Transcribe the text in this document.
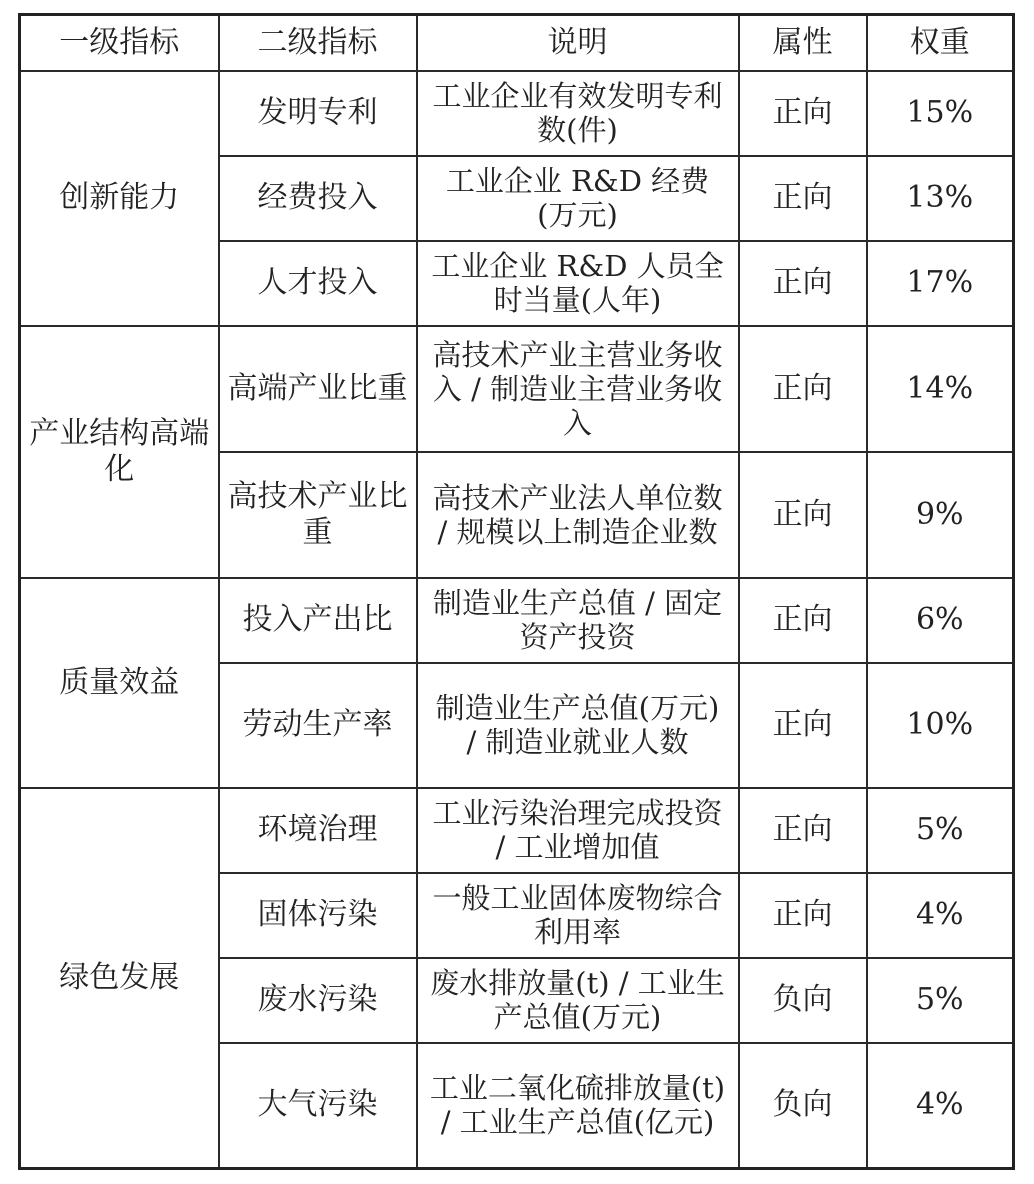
一级指标	二级指标	说明	属性	权重
创新能力	发明专利	工业企业有效发明专利数(件)	正向	15%
	经费投入	工业企业 R&D 经费(万元)	正向	13%
	人才投入	工业企业 R&D 人员全时当量(人年)	正向	17%
产业结构高端化	高端产业比重	高技术产业主营业务收入 / 制造业主营业务收入	正向	14%
	高技术产业比重	高技术产业法人单位数 / 规模以上制造企业数	正向	9%
质量效益	投入产出比	制造业生产总值 / 固定资产投资	正向	6%
	劳动生产率	制造业生产总值(万元) / 制造业就业人数	正向	10%
绿色发展	环境治理	工业污染治理完成投资 / 工业增加值	正向	5%
	固体污染	一般工业固体废物综合利用率	正向	4%
	废水污染	废水排放量(t) / 工业生产总值(万元)	负向	5%
	大气污染	工业二氧化硫排放量(t) / 工业生产总值(亿元)	负向	4%
